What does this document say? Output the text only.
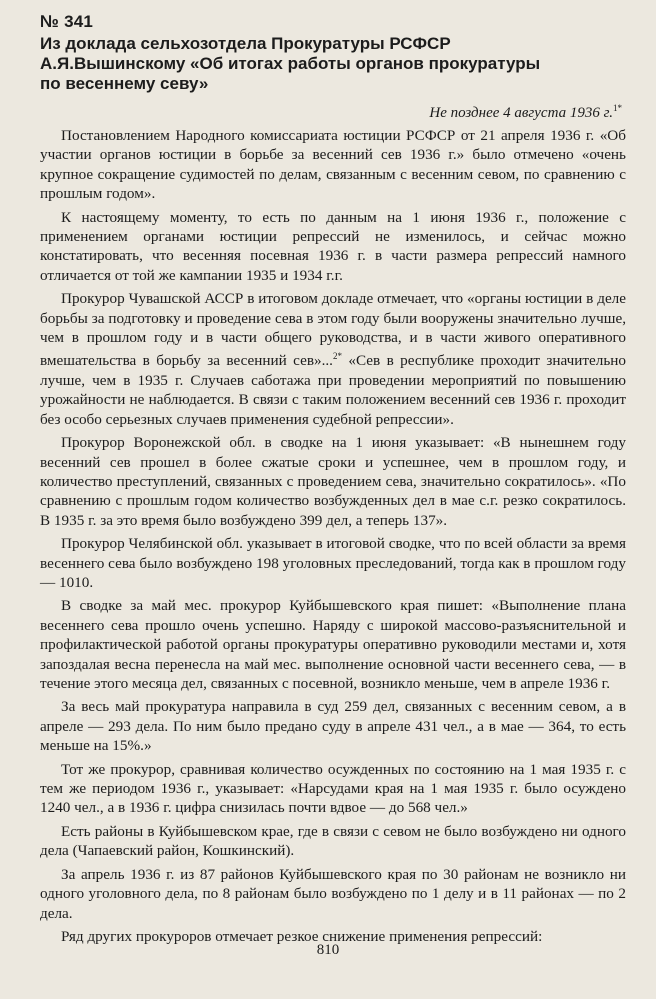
№ 341
Из доклада сельхозотдела Прокуратуры РСФСР
А.Я.Вышинскому «Об итогах работы органов прокуратуры
по весеннему севу»
Не позднее 4 августа 1936 г.$^{1*}$

Постановлением Народного комиссариата юстиции РСФСР от 21 апреля 1936 г. «Об участии органов юстиции в борьбе за весенний сев 1936 г.» было отмечено «очень крупное сокращение судимостей по делам, связанным с весенним севом, по сравнению с прошлым годом».

К настоящему моменту, то есть по данным на 1 июня 1936 г., положение с применением органами юстиции репрессий не изменилось, и сейчас можно констатировать, что весенняя посевная 1936 г. в части размера репрессий намного отличается от той же кампании 1935 и 1934 г.г.

Прокурор Чувашской АССР в итоговом докладе отмечает, что «органы юстиции в деле борьбы за подготовку и проведение сева в этом году были вооружены значительно лучше, чем в прошлом году и в части общего руководства, и в части живого оперативного вмешательства в борьбу за весенний сев»...$^{2*}$ «Сев в республике проходит значительно лучше, чем в 1935 г. Случаев саботажа при проведении мероприятий по повышению урожайности не наблюдается. В связи с таким положением весенний сев 1936 г. проходит без особо серьезных случаев применения судебной репрессии».

Прокурор Воронежской обл. в сводке на 1 июня указывает: «В нынешнем году весенний сев прошел в более сжатые сроки и успешнее, чем в прошлом году, и количество преступлений, связанных с проведением сева, значительно сократилось». «По сравнению с прошлым годом количество возбужденных дел в мае с.г. резко сократилось. В 1935 г. за это время было возбуждено 399 дел, а теперь 137».

Прокурор Челябинской обл. указывает в итоговой сводке, что по всей области за время весеннего сева было возбуждено 198 уголовных преследований, тогда как в прошлом году — 1010.

В сводке за май мес. прокурор Куйбышевского края пишет: «Выполнение плана весеннего сева прошло очень успешно. Наряду с широкой массово-разъяснительной и профилактической работой органы прокуратуры оперативно руководили местами и, хотя запоздалая весна перенесла на май мес. выполнение основной части весеннего сева, — в течение этого месяца дел, связанных с посевной, возникло меньше, чем в апреле 1936 г.

За весь май прокуратура направила в суд 259 дел, связанных с весенним севом, а в апреле — 293 дела. По ним было предано суду в апреле 431 чел., а в мае — 364, то есть меньше на 15%.»

Тот же прокурор, сравнивая количество осужденных по состоянию на 1 мая 1935 г. с тем же периодом 1936 г., указывает: «Нарсудами края на 1 мая 1935 г. было осуждено 1240 чел., а в 1936 г. цифра снизилась почти вдвое — до 568 чел.»

Есть районы в Куйбышевском крае, где в связи с севом не было возбуждено ни одного дела (Чапаевский район, Кошкинский).

За апрель 1936 г. из 87 районов Куйбышевского края по 30 районам не возникло ни одного уголовного дела, по 8 районам было возбуждено по 1 делу и в 11 районах — по 2 дела.

Ряд других прокуроров отмечает резкое снижение применения репрессий:

810
